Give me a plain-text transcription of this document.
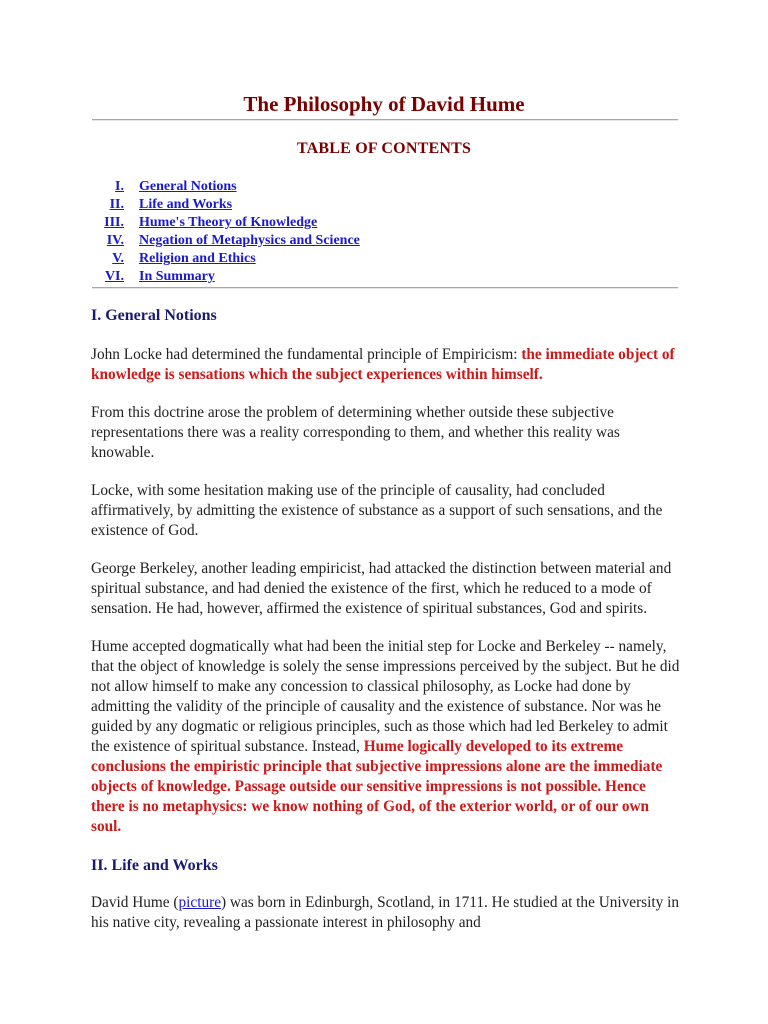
The Philosophy of David Hume
TABLE OF CONTENTS
I. General Notions
II. Life and Works
III. Hume's Theory of Knowledge
IV. Negation of Metaphysics and Science
V. Religion and Ethics
VI. In Summary
I. General Notions

John Locke had determined the fundamental principle of Empiricism: the immediate object of knowledge is sensations which the subject experiences within himself.

From this doctrine arose the problem of determining whether outside these subjective representations there was a reality corresponding to them, and whether this reality was knowable.

Locke, with some hesitation making use of the principle of causality, had concluded affirmatively, by admitting the existence of substance as a support of such sensations, and the existence of God.

George Berkeley, another leading empiricist, had attacked the distinction between material and spiritual substance, and had denied the existence of the first, which he reduced to a mode of sensation. He had, however, affirmed the existence of spiritual substances, God and spirits.

Hume accepted dogmatically what had been the initial step for Locke and Berkeley -- namely, that the object of knowledge is solely the sense impressions perceived by the subject. But he did not allow himself to make any concession to classical philosophy, as Locke had done by admitting the validity of the principle of causality and the existence of substance. Nor was he guided by any dogmatic or religious principles, such as those which had led Berkeley to admit the existence of spiritual substance. Instead, Hume logically developed to its extreme conclusions the empiristic principle that subjective impressions alone are the immediate objects of knowledge. Passage outside our sensitive impressions is not possible. Hence there is no metaphysics: we know nothing of God, of the exterior world, or of our own soul.

II. Life and Works

David Hume (picture) was born in Edinburgh, Scotland, in 1711. He studied at the University in his native city, revealing a passionate interest in philosophy and
